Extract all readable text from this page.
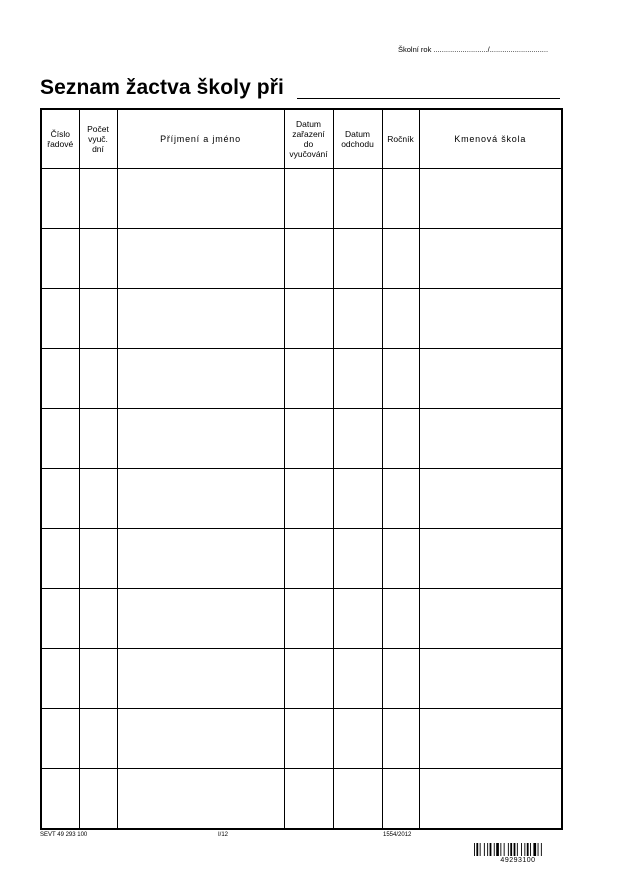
Školní rok ........................../............................
Seznam žactva školy při
Číslo
řadové	Počet
vyuč.
dní	Příjmení a jméno	Datum
zařazení
do
vyučování	Datum
odchodu	Ročník	Kmenová škola

SEVT 49 293 100	I/12	1554/2012
49293100
